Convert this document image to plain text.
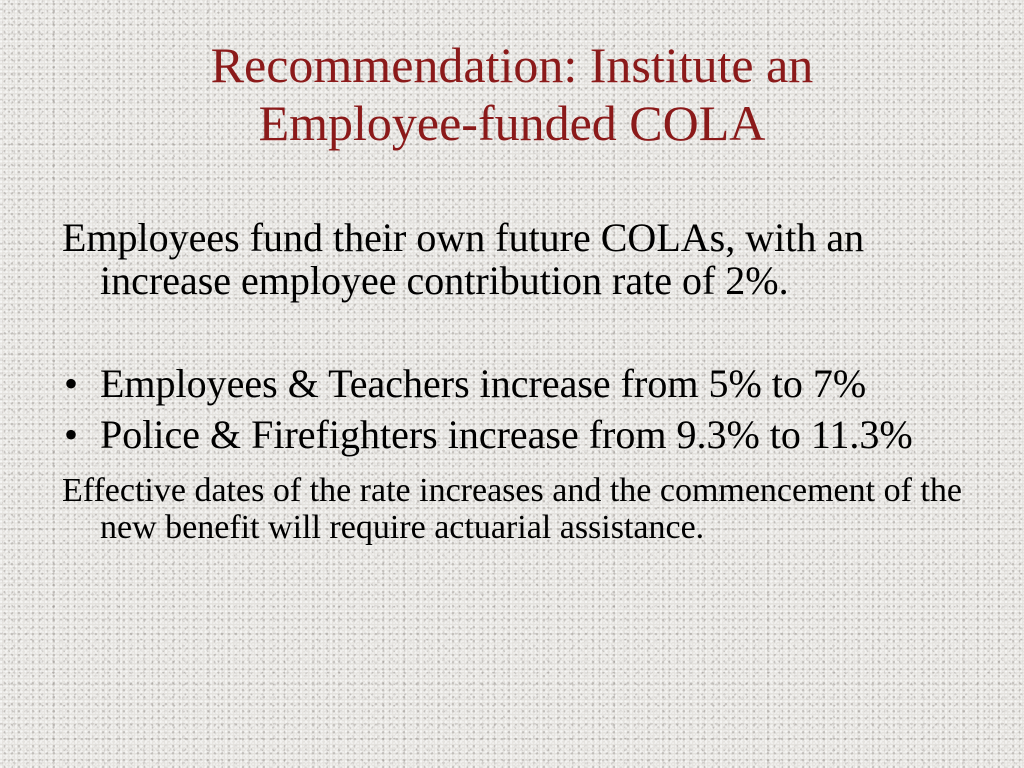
Recommendation: Institute an
Employee-funded COLA

Employees fund their own future COLAs, with an increase employee contribution rate of 2%.

• Employees & Teachers increase from 5% to 7%
• Police & Firefighters increase from 9.3% to 11.3%

Effective dates of the rate increases and the commencement of the new benefit will require actuarial assistance.
